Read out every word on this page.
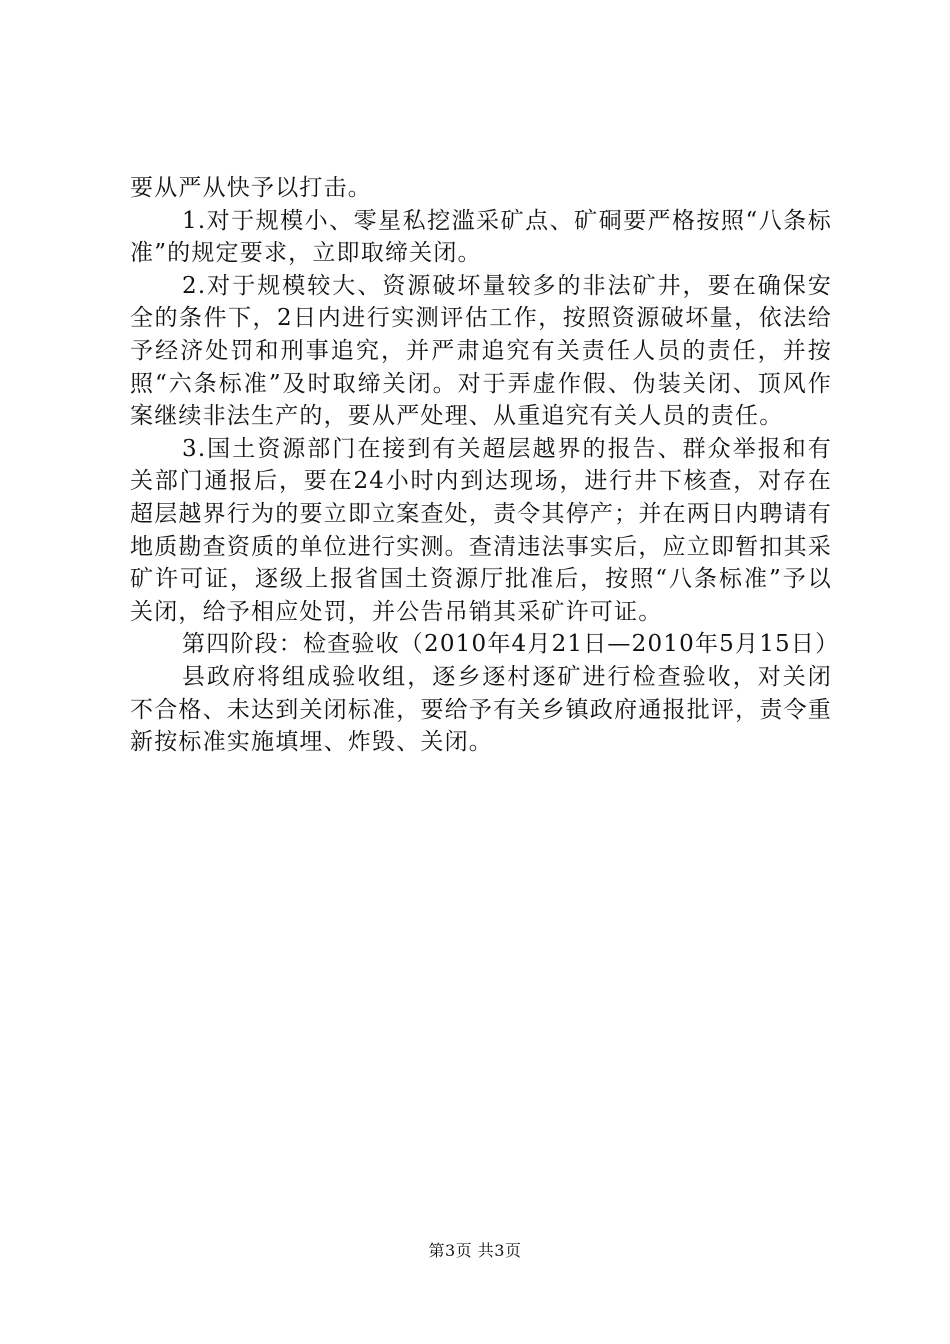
要从严从快予以打击。

1.对于规模小、零星私挖滥采矿点、矿硐要严格按照“八条标准”的规定要求，立即取缔关闭。

2.对于规模较大、资源破坏量较多的非法矿井，要在确保安全的条件下，2日内进行实测评估工作，按照资源破坏量，依法给予经济处罚和刑事追究，并严肃追究有关责任人员的责任，并按照“六条标准”及时取缔关闭。对于弄虚作假、伪装关闭、顶风作案继续非法生产的，要从严处理、从重追究有关人员的责任。

3.国土资源部门在接到有关超层越界的报告、群众举报和有关部门通报后，要在24小时内到达现场，进行井下核查，对存在超层越界行为的要立即立案查处，责令其停产；并在两日内聘请有地质勘查资质的单位进行实测。查清违法事实后，应立即暂扣其采矿许可证，逐级上报省国土资源厅批准后，按照“八条标准”予以关闭，给予相应处罚，并公告吊销其采矿许可证。

第四阶段：检查验收（2010年4月21日—2010年5月15日）

县政府将组成验收组，逐乡逐村逐矿进行检查验收，对关闭不合格、未达到关闭标准，要给予有关乡镇政府通报批评，责令重新按标准实施填埋、炸毁、关闭。

第3页 共3页
